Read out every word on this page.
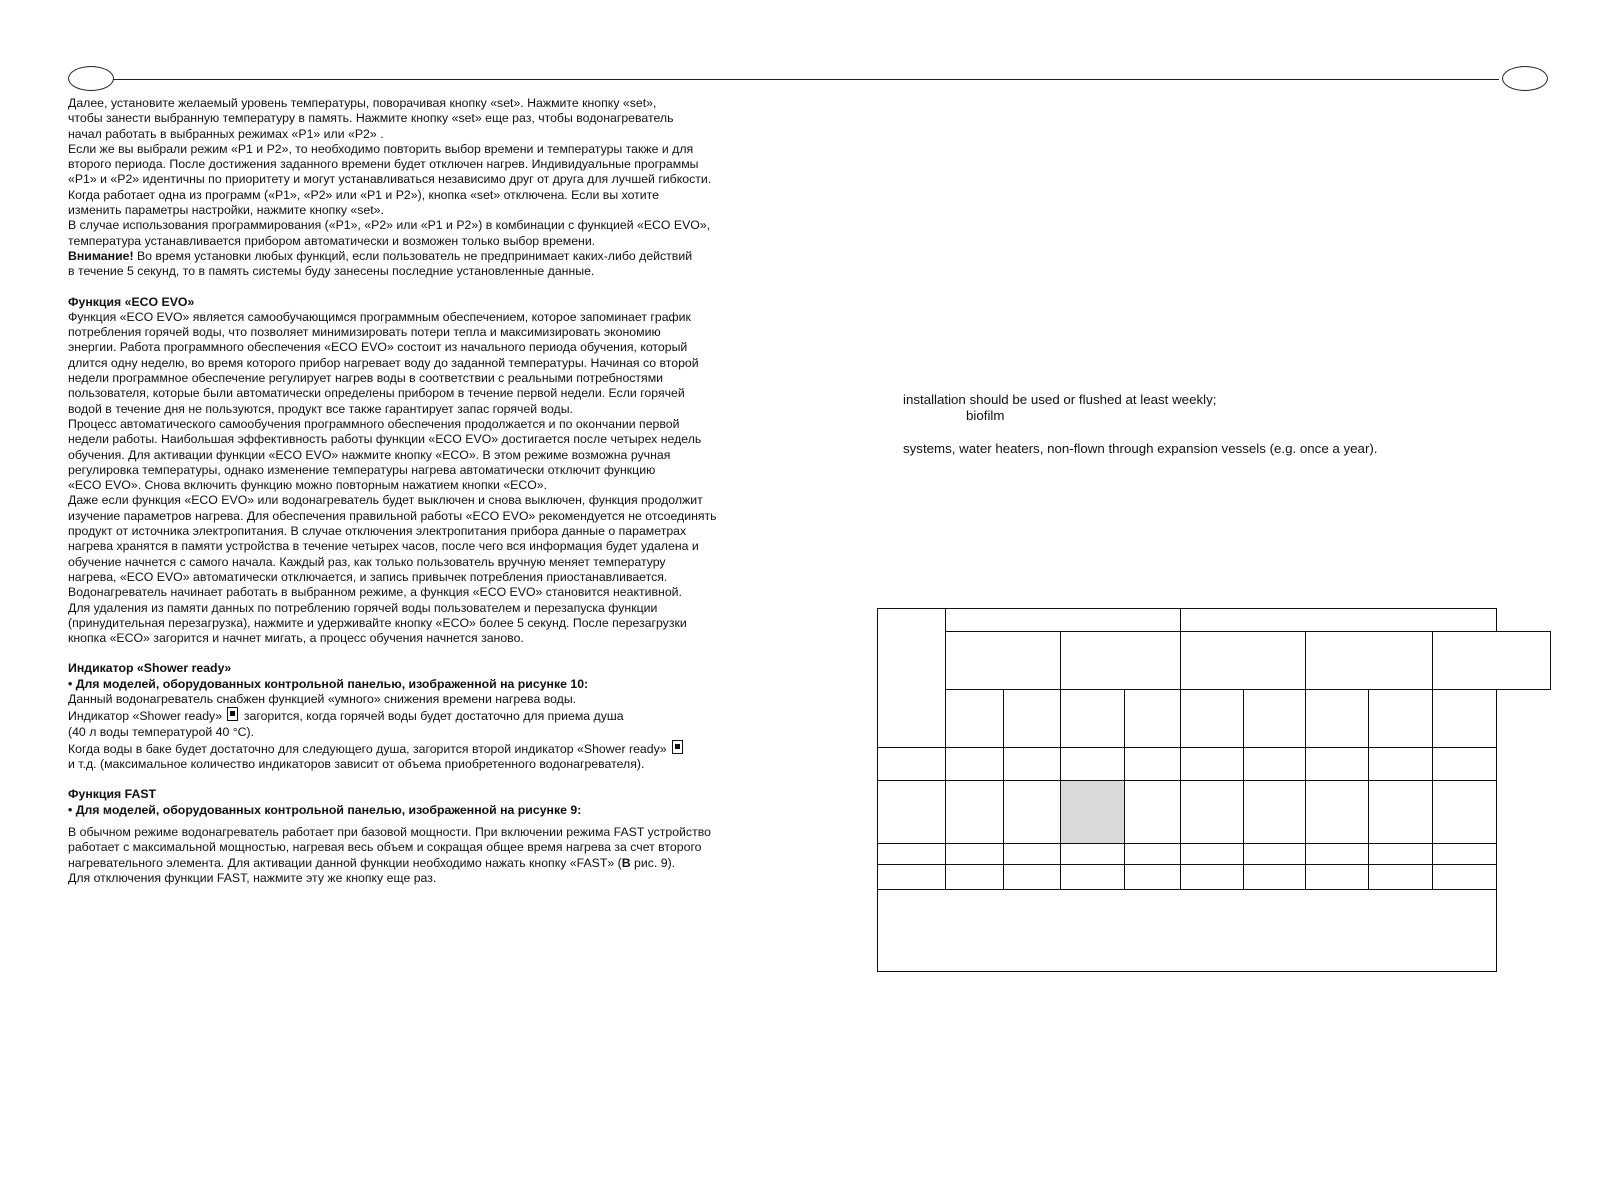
Далее, установите желаемый уровень температуры, поворачивая кнопку «set». Нажмите кнопку «set»,

чтобы занести выбранную температуру в память. Нажмите кнопку «set» еще раз, чтобы водонагреватель

начал работать в выбранных режимах «P1» или «P2» .

Если же вы выбрали режим «P1 и P2», то необходимо повторить выбор времени и температуры также и для

второго периода. После достижения заданного времени будет отключен нагрев. Индивидуальные программы

«P1» и «P2» идентичны по приоритету и могут устанавливаться независимо друг от друга для лучшей гибкости.

Когда работает одна из программ («P1», «P2» или «P1 и P2»), кнопка «set» отключена. Если вы хотите

изменить параметры настройки, нажмите кнопку «set».

В случае использования программирования («P1», «P2» или «P1 и P2») в комбинации с функцией «ECO EVO»,

температура устанавливается прибором автоматически и возможен только выбор времени.

Внимание! Во время установки любых функций, если пользователь не предпринимает каких-либо действий

в течение 5 секунд, то в память системы буду занесены последние установленные данные.

Функция «ECO EVO»

Функция «ECO EVO» является самообучающимся программным обеспечением, которое запоминает график

потребления горячей воды, что позволяет минимизировать потери тепла и максимизировать экономию

энергии. Работа программного обеспечения «ECO EVO» состоит из начального периода обучения, который

длится одну неделю, во время которого прибор нагревает воду до заданной температуры. Начиная со второй

недели программное обеспечение регулирует нагрев воды в соответствии с реальными потребностями

пользователя, которые были автоматически определены прибором в течение первой недели. Если горячей

водой в течение дня не пользуются, продукт все также гарантирует запас горячей воды.

Процесс автоматического самообучения программного обеспечения продолжается и по окончании первой

недели работы. Наибольшая эффективность работы функции «ECO EVO» достигается после четырех недель

обучения. Для активации функции «ECO EVO» нажмите кнопку «ECO». В этом режиме возможна ручная

регулировка температуры, однако изменение температуры нагрева автоматически отключит функцию

«ECO EVO». Снова включить функцию можно повторным нажатием кнопки «ECO».

Даже если функция «ECO EVO» или водонагреватель будет выключен и снова выключен, функция продолжит

изучение параметров нагрева. Для обеспечения правильной работы «ECO EVO» рекомендуется не отсоединять

продукт от источника электропитания. В случае отключения электропитания прибора данные о параметрах

нагрева хранятся в памяти устройства в течение четырех часов, после чего вся информация будет удалена и

обучение начнется с самого начала. Каждый раз, как только пользователь вручную меняет температуру

нагрева, «ECO EVO» автоматически отключается, и запись привычек потребления приостанавливается.

Водонагреватель начинает работать в выбранном режиме, а функция «ECO EVO» становится неактивной.

Для удаления из памяти данных по потреблению горячей воды пользователем и перезапуска функции

(принудительная перезагрузка), нажмите и удерживайте кнопку «ECO» более 5 секунд. После перезагрузки

кнопка «ECO» загорится и начнет мигать, а процесс обучения начнется заново.

Индикатор «Shower ready»

• Для моделей, оборудованных контрольной панелью, изображенной на рисунке 10:

Данный водонагреватель снабжен функцией «умного» снижения времени нагрева воды.

Индикатор «Shower ready» загорится, когда горячей воды будет достаточно для приема душа

(40 л воды температурой 40 °С).

Когда воды в баке будет достаточно для следующего душа, загорится второй индикатор «Shower ready»

и т.д. (максимальное количество индикаторов зависит от объема приобретенного водонагревателя).

Функция FAST

• Для моделей, оборудованных контрольной панелью, изображенной на рисунке 9:

В обычном режиме водонагреватель работает при базовой мощности. При включении режима FAST устройство

работает с максимальной мощностью, нагревая весь объем и сокращая общее время нагрева за счет второго

нагревательного элемента. Для активации данной функции необходимо нажать кнопку «FAST» (В рис. 9).

Для отключения функции FAST, нажмите эту же кнопку еще раз.

installation should be used or flushed at least weekly;
biofilm
systems, water heaters, non-flown through expansion vessels (e.g. once a year).
